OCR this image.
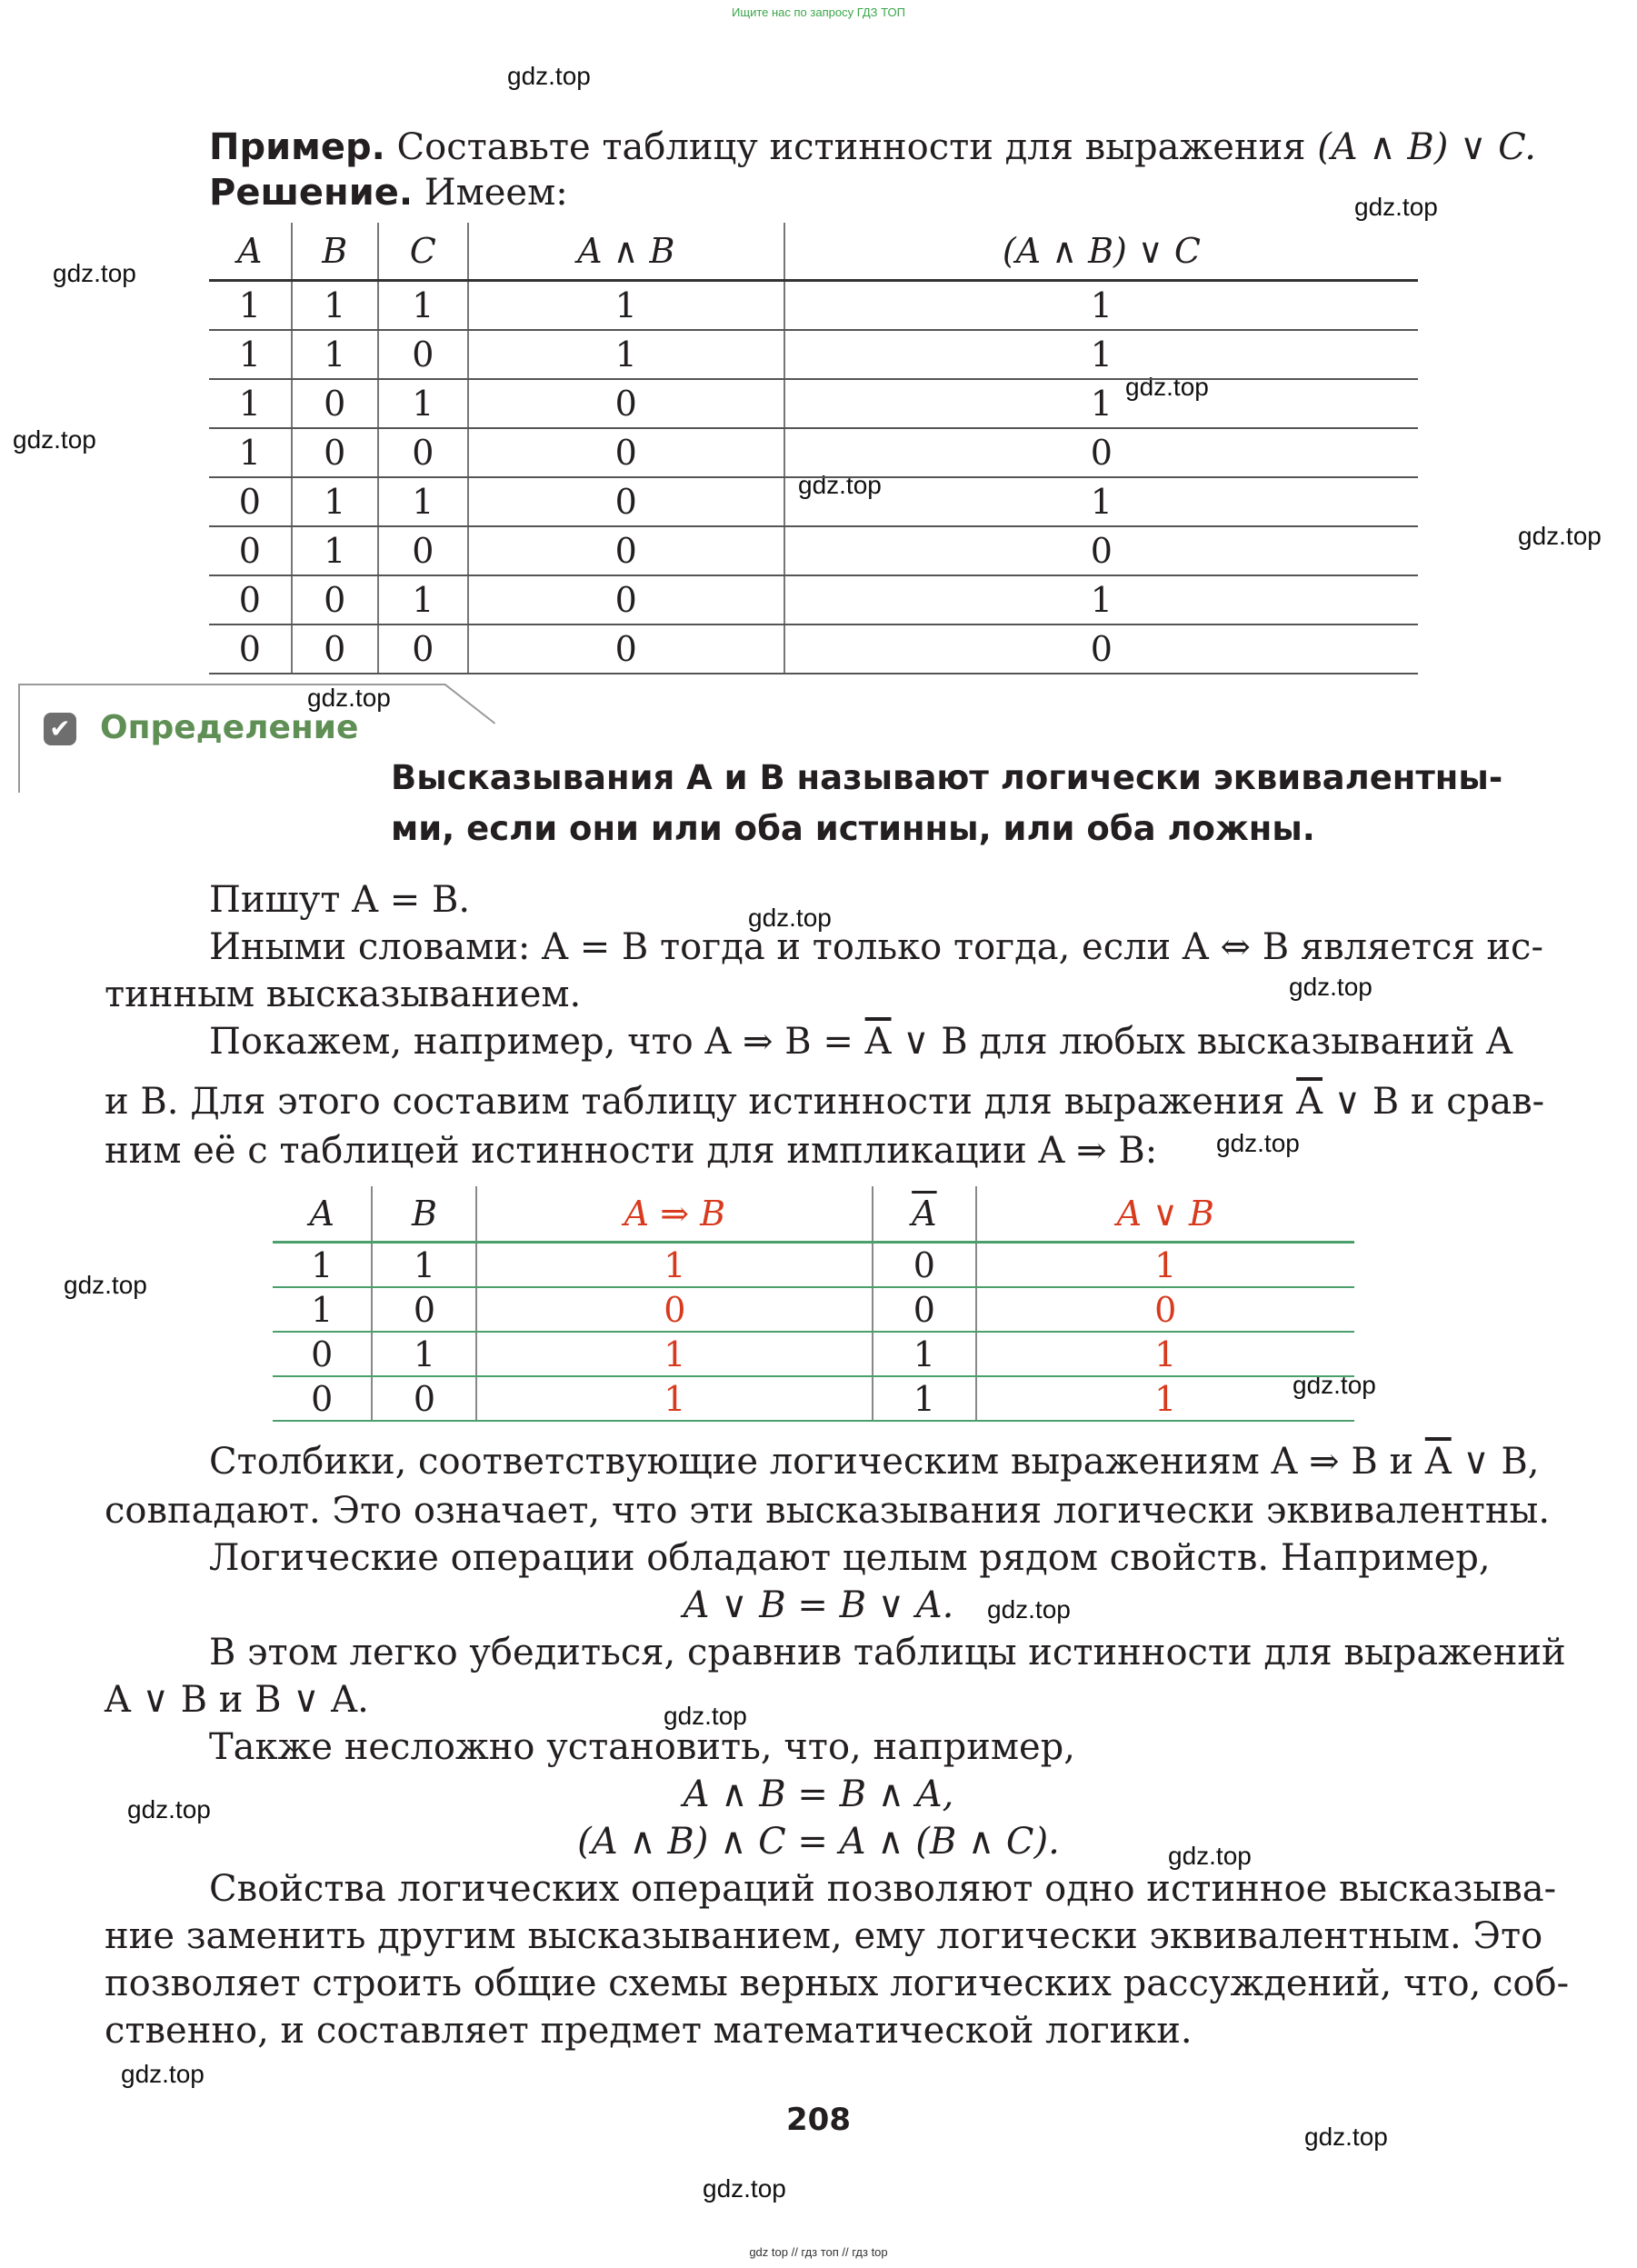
Ищите нас по запросу ГДЗ ТОП
gdz.top
gdz.top
gdz.top
gdz.top
gdz.top
gdz.top
gdz.top
gdz.top
gdz.top
gdz.top
gdz.top
gdz.top
gdz.top
gdz.top
gdz.top
gdz.top
gdz.top
gdz.top
gdz.top
gdz.top
Пример. Составьте таблицу истинности для выражения (A ∧ B) ∨ C.
Решение. Имеем:
A	B	C	A ∧ B	(A ∧ B) ∨ C
1	1	1	1	1
1	1	0	1	1
1	0	1	0	1
1	0	0	0	0
0	1	1	0	1
0	1	0	0	0
0	0	1	0	1
0	0	0	0	0
✔ Определение
Высказывания A и B называют логически эквивалентны-
ми, если они или оба истинны, или оба ложны.
Пишут A = B.
Иными словами: A = B тогда и только тогда, если A ⇔ B является ис-
тинным высказыванием.
Покажем, например, что A ⇒ $B = \overline{A}$ ∨ B для любых высказываний A
и B. Для этого составим таблицу истинности для выражения $\overline{A}$ ∨ B и срав-
ним её с таблицей истинности для импликации A ⇒ B:
A	B	A ⇒ B	$\overline{A}$	A ∨ B
1	1	1	0	1
1	0	0	0	0
0	1	1	1	1
0	0	1	1	1
Столбики, соответствующие логическим выражениям A ⇒ B и $\overline{A}$ ∨ B,
совпадают. Это означает, что эти высказывания логически эквивалентны.
Логические операции обладают целым рядом свойств. Например,
A ∨ B = B ∨ A.
В этом легко убедиться, сравнив таблицы истинности для выражений
A ∨ B и B ∨ A.
Также несложно установить, что, например,
A ∧ B = B ∧ A,
(A ∧ B) ∧ C = A ∧ (B ∧ C).
Свойства логических операций позволяют одно истинное высказыва-
ние заменить другим высказыванием, ему логически эквивалентным. Это
позволяет строить общие схемы верных логических рассуждений, что, соб-
ственно, и составляет предмет математической логики.
208
gdz top // гдз топ // гдз top
